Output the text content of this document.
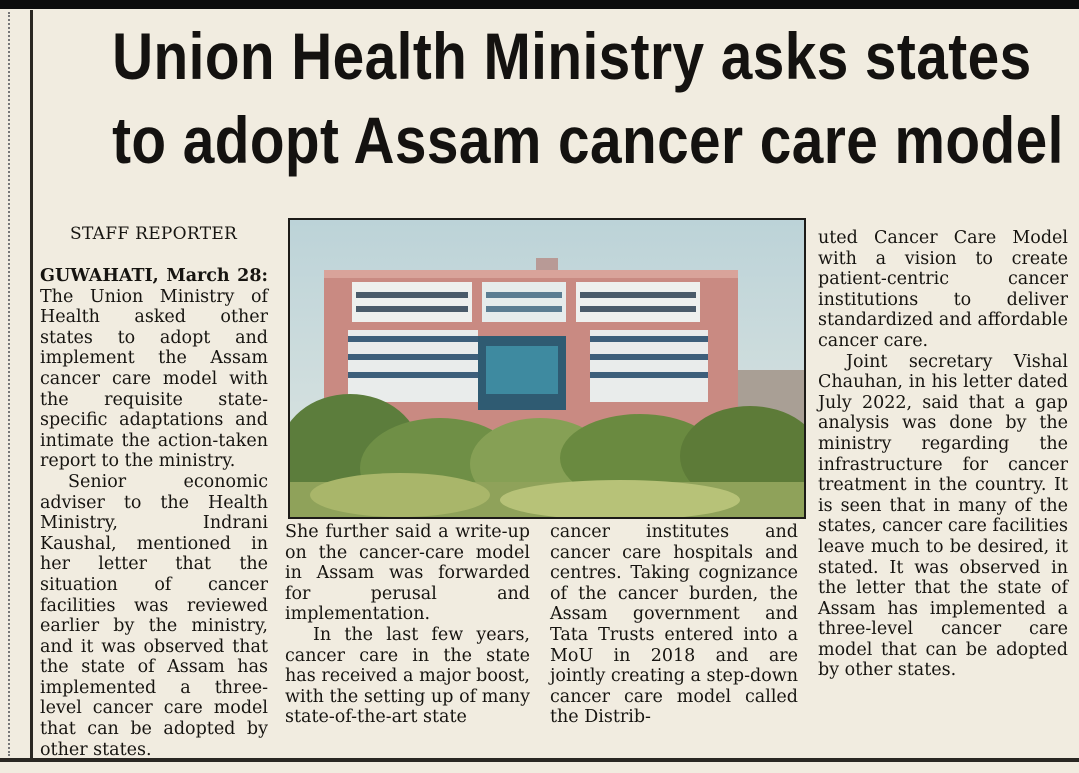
Union Health Ministry asks states
to adopt Assam cancer care model
STAFF REPORTER

GUWAHATI, March 28: The Union Ministry of Health asked other states to adopt and implement the Assam cancer care model with the requisite state-specific adaptations and intimate the action-taken report to the ministry.

Senior economic adviser to the Health Ministry, Indrani Kaushal, mentioned in her letter that the situation of cancer facilities was reviewed earlier by the ministry, and it was observed that the state of Assam has implemented a three-level cancer care model that can be adopted by other states.

She further said a write-up on the cancer-care model in Assam was forwarded for perusal and implementation.

In the last few years, cancer care in the state has received a major boost, with the setting up of many state-of-the-art state

cancer institutes and cancer care hospitals and centres. Taking cognizance of the cancer burden, the Assam government and Tata Trusts entered into a MoU in 2018 and are jointly creating a step-down cancer care model called the Distrib-

uted Cancer Care Model with a vision to create patient-centric cancer institutions to deliver standardized and affordable cancer care.

Joint secretary Vishal Chauhan, in his letter dated July 2022, said that a gap analysis was done by the ministry regarding the infrastructure for cancer treatment in the country. It is seen that in many of the states, cancer care facilities leave much to be desired, it stated. It was observed in the letter that the state of Assam has implemented a three-level cancer care model that can be adopted by other states.
